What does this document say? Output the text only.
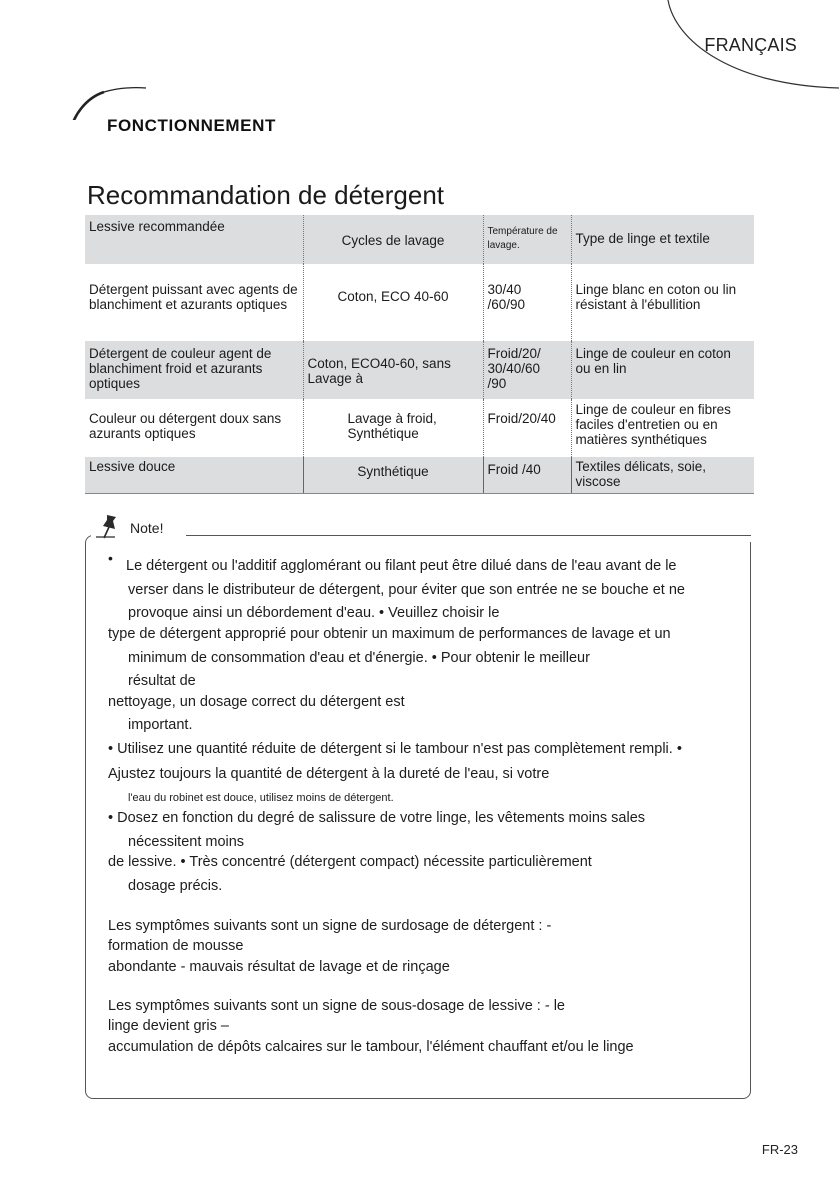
FRANÇAIS
FONCTIONNEMENT
Recommandation de détergent
Lessive recommandée	Cycles de lavage	Température de lavage.	Type de linge et textile
Détergent puissant avec agents de blanchiment et azurants optiques	Coton, ECO 40-60	30/40 /60/90	Linge blanc en coton ou lin résistant à l'ébullition
Détergent de couleur agent de blanchiment froid et azurants optiques	Coton, ECO40-60, sans Lavage à	Froid/20/ 30/40/60 /90	Linge de couleur en coton ou en lin
Couleur ou détergent doux sans azurants optiques	Lavage à froid, Synthétique	Froid/20/40	Linge de couleur en fibres faciles d'entretien ou en matières synthétiques
Lessive douce	Synthétique	Froid /40	Textiles délicats, soie, viscose
Note!
• Le détergent ou l'additif agglomérant ou filant peut être dilué dans de l'eau avant de le
verser dans le distributeur de détergent, pour éviter que son entrée ne se bouche et ne
provoque ainsi un débordement d'eau. • Veuillez choisir le
type de détergent approprié pour obtenir un maximum de performances de lavage et un
minimum de consommation d'eau et d'énergie. • Pour obtenir le meilleur
résultat de
nettoyage, un dosage correct du détergent est
important.
• Utilisez une quantité réduite de détergent si le tambour n'est pas complètement rempli. •
Ajustez toujours la quantité de détergent à la dureté de l'eau, si votre
l'eau du robinet est douce, utilisez moins de détergent.
• Dosez en fonction du degré de salissure de votre linge, les vêtements moins sales
nécessitent moins
de lessive. • Très concentré (détergent compact) nécessite particulièrement
dosage précis.
Les symptômes suivants sont un signe de surdosage de détergent : -
formation de mousse
abondante - mauvais résultat de lavage et de rinçage
Les symptômes suivants sont un signe de sous-dosage de lessive : - le
linge devient gris –
accumulation de dépôts calcaires sur le tambour, l'élément chauffant et/ou le linge
FR-23
